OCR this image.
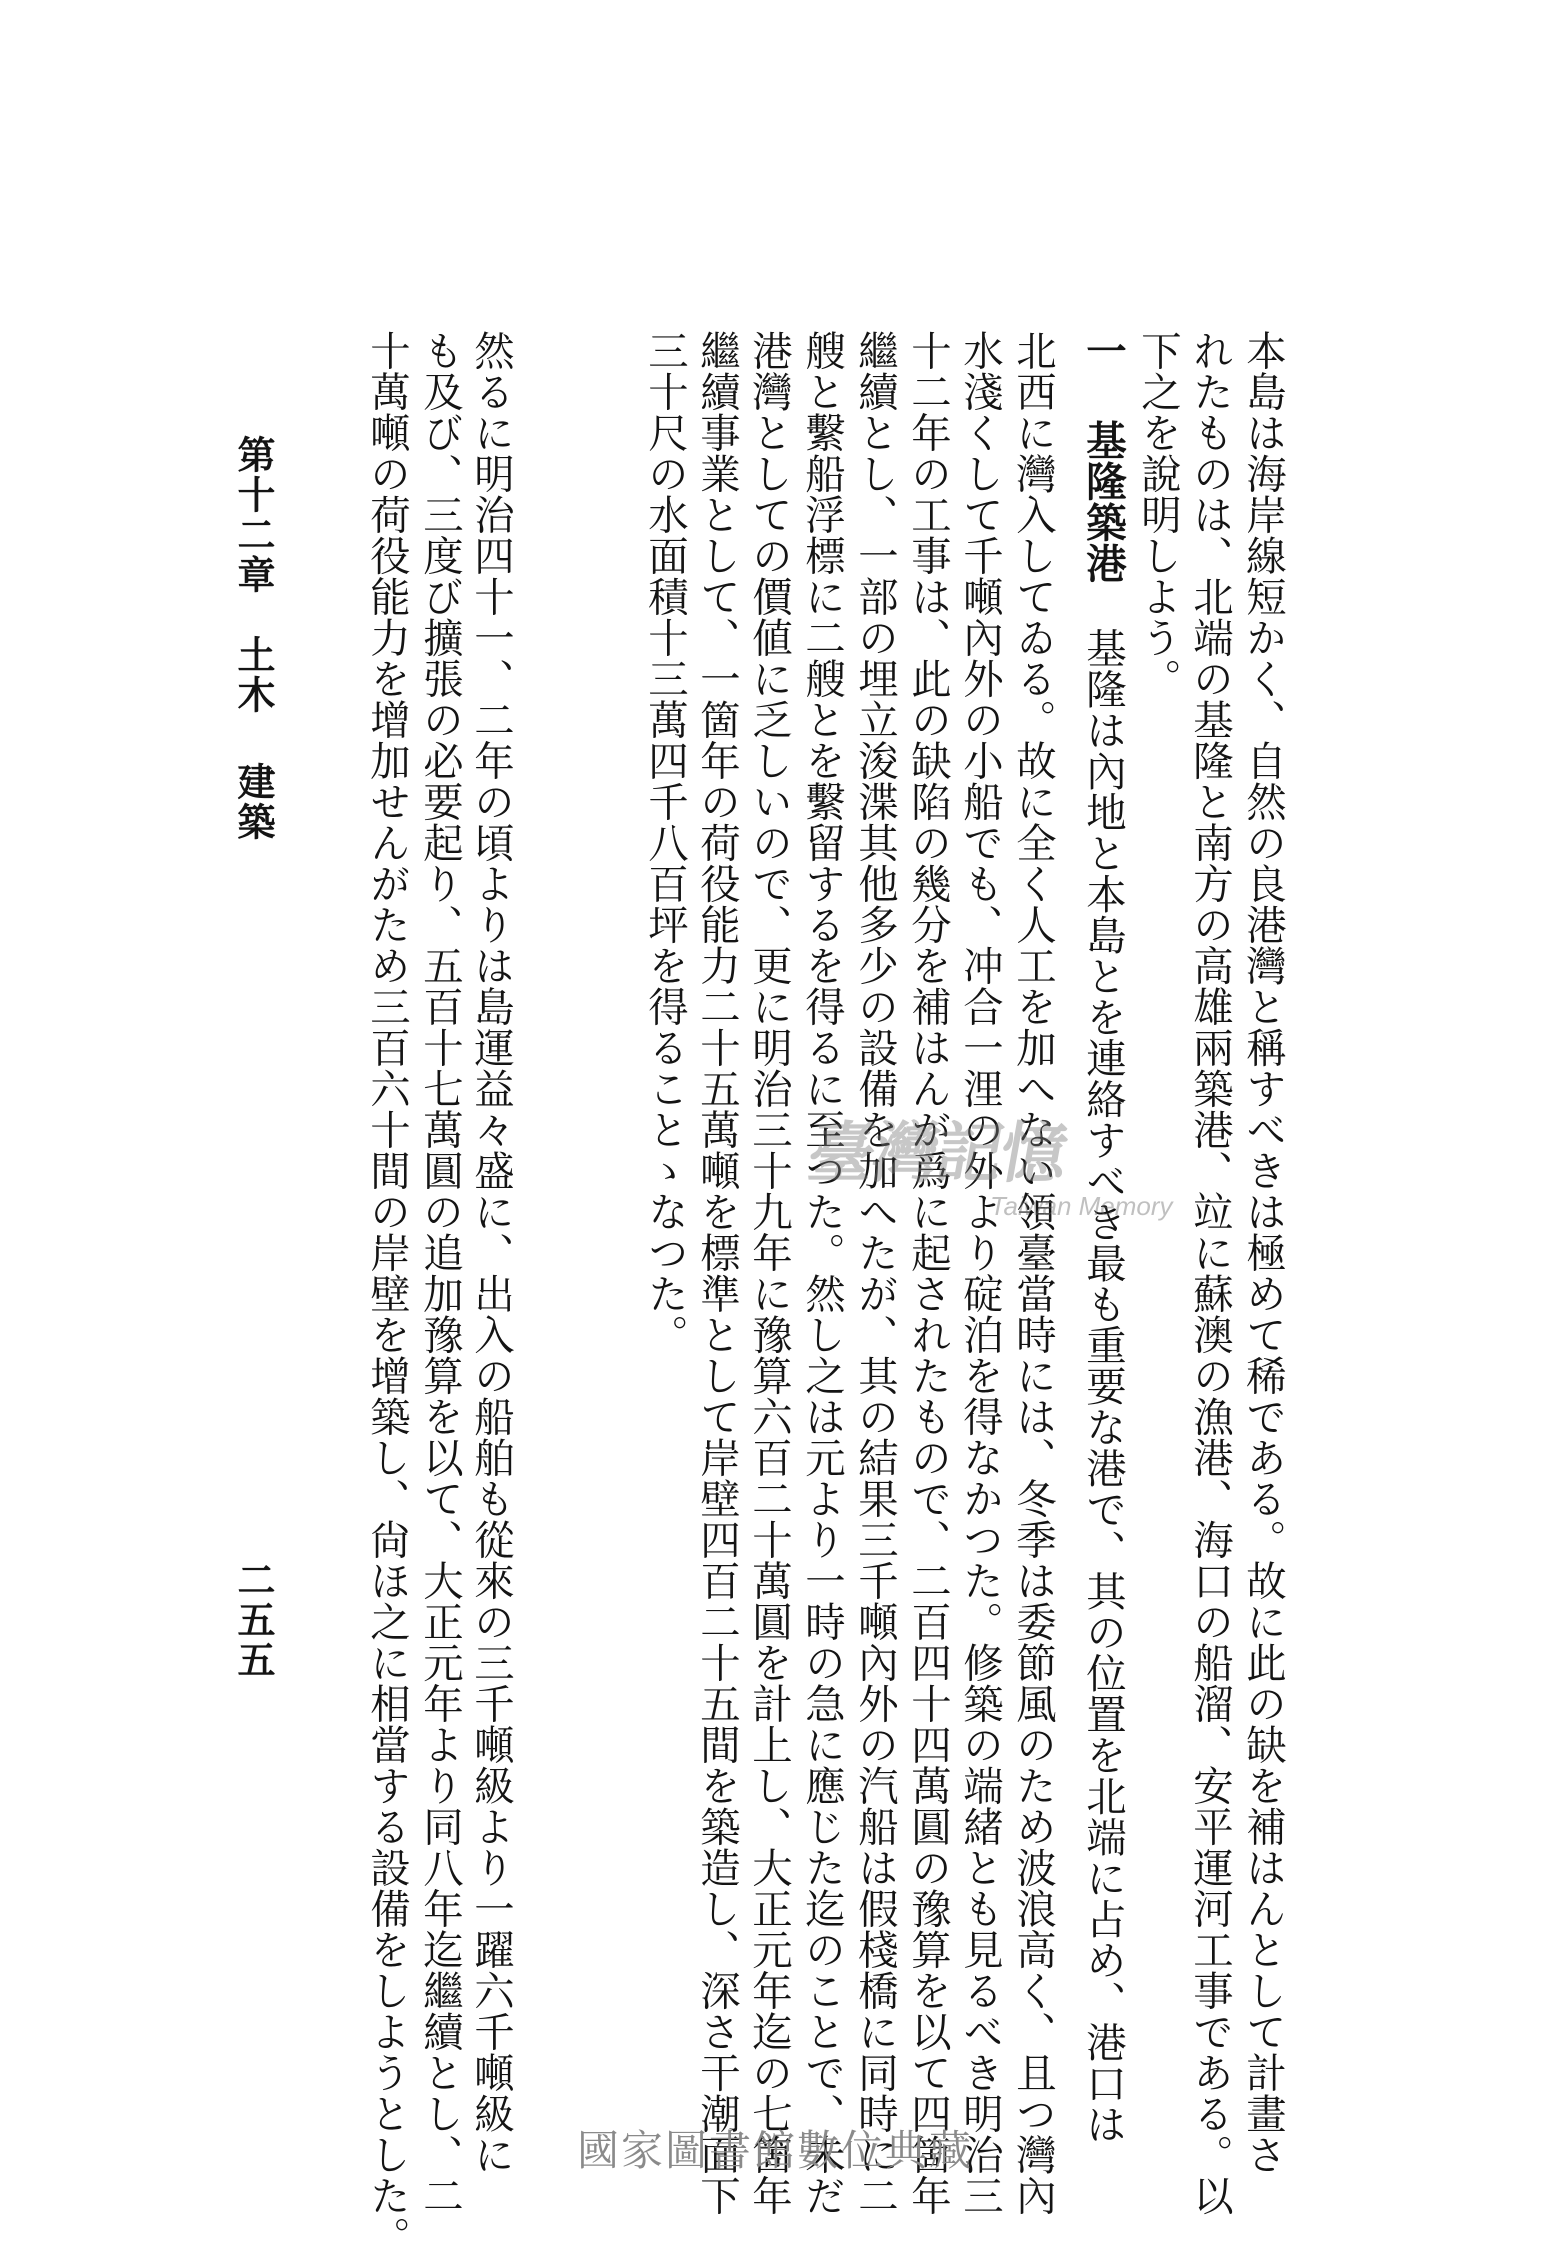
本島は海岸線短かく、自然の良港灣と稱すべきは極めて稀である。故に此の缺を補はんとして計畫さ
れたものは、北端の基隆と南方の高雄兩築港、竝に蘇澳の漁港、海口の船溜、安平運河工事である。以
下之を說明しよう。
一 基隆築港基隆は內地と本島とを連絡すべき最も重要な港で、其の位置を北端に占め、港口は
北西に灣入してゐる。故に全く人工を加へない領臺當時には、冬季は委節風のため波浪高く、且つ灣內
水淺くして千噸內外の小船でも、冲合一浬の外より碇泊を得なかつた。修築の端緒とも見るべき明治三
十二年の工事は、此の缺陷の幾分を補はんが爲に起されたもので、二百四十四萬圓の豫算を以て四箇年
繼續とし、一部の埋立浚渫其他多少の設備を加へたが、其の結果三千噸內外の汽船は假棧橋に同時に二
艘と繫船浮標に二艘とを繫留するを得るに至つた。然し之は元より一時の急に應じた迄のことで、未だ
港灣としての價値に乏しいので、更に明治三十九年に豫算六百二十萬圓を計上し、大正元年迄の七箇年
繼續事業として、一箇年の荷役能力二十五萬噸を標準として岸壁四百二十五間を築造し、深さ干潮面下
三十尺の水面積十三萬四千八百坪を得ることゝなつた。
然るに明治四十一、二年の頃よりは島運益々盛に、出入の船舶も從來の三千噸級より一躍六千噸級に
も及び、三度び擴張の必要起り、五百十七萬圓の追加豫算を以て、大正元年より同八年迄繼續とし、二
十萬噸の荷役能力を增加せんがため三百六十間の岸壁を增築し、尙ほ之に相當する設備をしようとした。
第十二章土木 建築
二五五
臺灣記憶
Taiwan Memory
國家圖書館數位典藏
